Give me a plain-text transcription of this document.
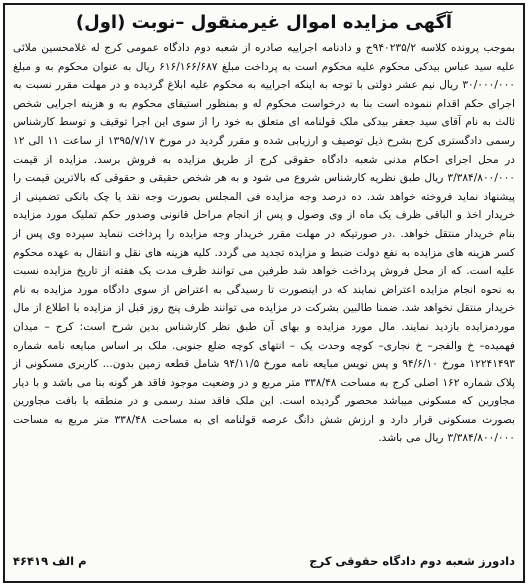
آگهی مزایده اموال غیرمنقول –نوبت (اول)
بموجب پرونده کلاسه ۹۴۰۲۳۵/۲ج و دادنامه اجراییه صادره از شعبه دوم دادگاه عمومی کرج له غلامحسین ملائی علیه سید عباس بیدکی محکوم علیه محکوم است به پرداخت مبلغ ۶۱۶/۱۶۶/۶۸۷ ریال به عنوان محکوم به و مبلغ ۳۰/۰۰۰/۰۰۰ ریال نیم عشر دولتی با توجه به اینکه اجراییه به محکوم علیه ابلاغ گردیده و در مهلت مقرر نسبت به اجرای حکم اقدام ننموده است بنا به درخواست محکوم له و بمنظور استیفای محکوم به و هزینه اجرایی شخص ثالث به نام آقای سید جعفر بیدکی ملک قولنامه ای متعلق به خود را از سوی این اجرا توقیف و توسط کارشناس رسمی دادگستری کرج بشرح ذیل توصیف و ارزیابی شده و مقرر گردید در مورخ ۱۳۹۵/۷/۱۷ از ساعت ۱۱ الی ۱۲ در محل اجرای احکام مدنی شعبه دادگاه حقوقی کرج از طریق مزایده به فروش برسد. مزایده از قیمت ۳/۳۸۴/۸۰۰/۰۰۰ ریال طبق نظریه کارشناس شروع می شود و به هر شخص حقیقی و حقوقی که بالاترین قیمت را پیشنهاد نماید فروخته خواهد شد. ده درصد وجه مزایده فی المجلس بصورت وجه نقد یا چک بانکی تضمینی از خریدار اخذ و الباقی ظرف یک ماه از وی وصول و پس از انجام مراحل قانونی وصدور حکم تملیک مورد مزایده بنام خریدار منتقل خواهد. .در صورتیکه در مهلت مقرر خریدار وجه مزایده را پرداخت ننماید سپرده وی پس از کسر هزینه های مزایده به نفع دولت ضبط و مزایده تجدید می گردد. کلیه هزینه های نقل و انتقال به عهده محکوم علیه است. که از محل فروش پرداخت خواهد شد طرفین می توانند ظرف مدت یک هفته از تاریخ مزایده نسبت به نحوه انجام مزایده اعتراض نمایند که در اینصورت تا رسیدگی به اعتراض از سوی دادگاه مورد مزایده به نام خریدار منتقل نخواهد شد. ضمنا طالبین بشرکت در مزایده می توانند ظرف پنج روز قبل از مزایده با اطلاع از مال موردمزایده بازدید نمایند. مال مورد مزایده و بهای آن طبق نظر کارشناس بدین شرح است: کرج – میدان فهمیده– خ والفجر– خ نجاری– کوچه وحدت یک – انتهای کوچه ضلع جنوبی. ملک بر اساس مبایعه نامه شماره ۱۲۲۴۱۴۹۳ مورخ ۹۴/۶/۱۰ و پس نویس مبایعه نامه مورخ ۹۴/۱۱/۵ شامل قطعه زمین بدون... کاربری مسکونی از پلاک شماره ۱۶۲ اصلی کرج به مساحت ۳۳۸/۴۸ متر مربع و در وضعیت موجود فاقد هر گونه بنا می باشد و با دیار مجاورین که مسکونی میباشد محصور گردیده است. این ملک فاقد سند رسمی و در منطقه با بافت مجاورین بصورت مسکونی قرار دارد و ارزش شش دانگ عرصه قولنامه ای به مساحت ۳۳۸/۴۸ متر مربع به مساحت ۳/۳۸۴/۸۰۰/۰۰۰ ریال می باشد.
م الف ۴۶۴۱۹	دادورز شعبه دوم دادگاه حقوقی کرج
